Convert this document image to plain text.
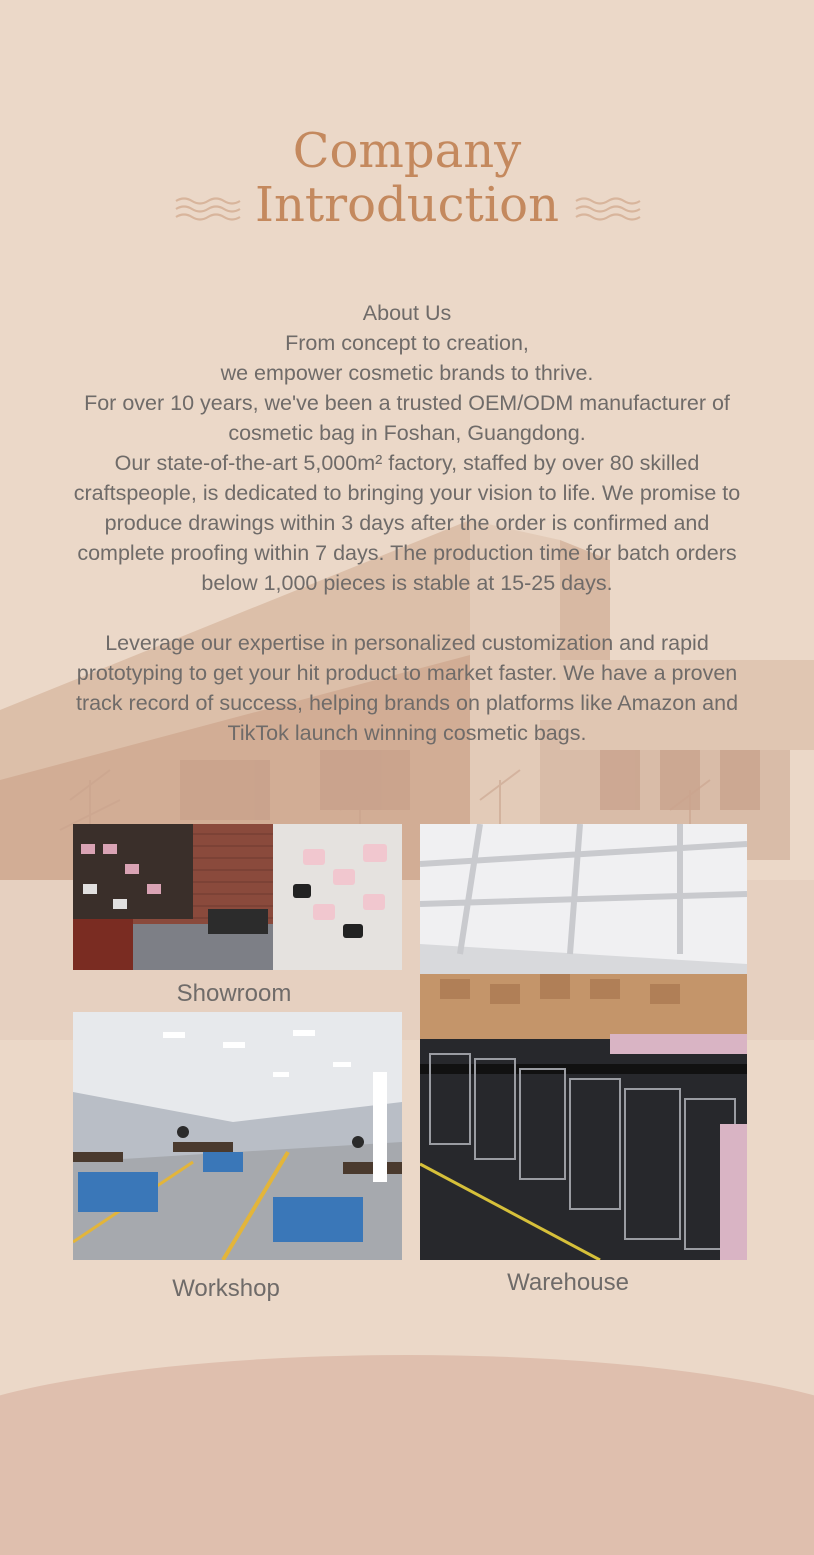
Company
Introduction

About Us

From concept to creation,

we empower cosmetic brands to thrive.

For over 10 years, we've been a trusted OEM/ODM manufacturer of cosmetic bag in Foshan, Guangdong.

Our state-of-the-art 5,000m² factory, staffed by over 80 skilled craftspeople, is dedicated to bringing your vision to life. We promise to produce drawings within 3 days after the order is confirmed and complete proofing within 7 days. The production time for batch orders below 1,000 pieces is stable at 15-25 days.

Leverage our expertise in personalized customization and rapid prototyping to get your hit product to market faster. We have a proven track record of success, helping brands on platforms like Amazon and TikTok launch winning cosmetic bags.

Showroom
Workshop	Warehouse
